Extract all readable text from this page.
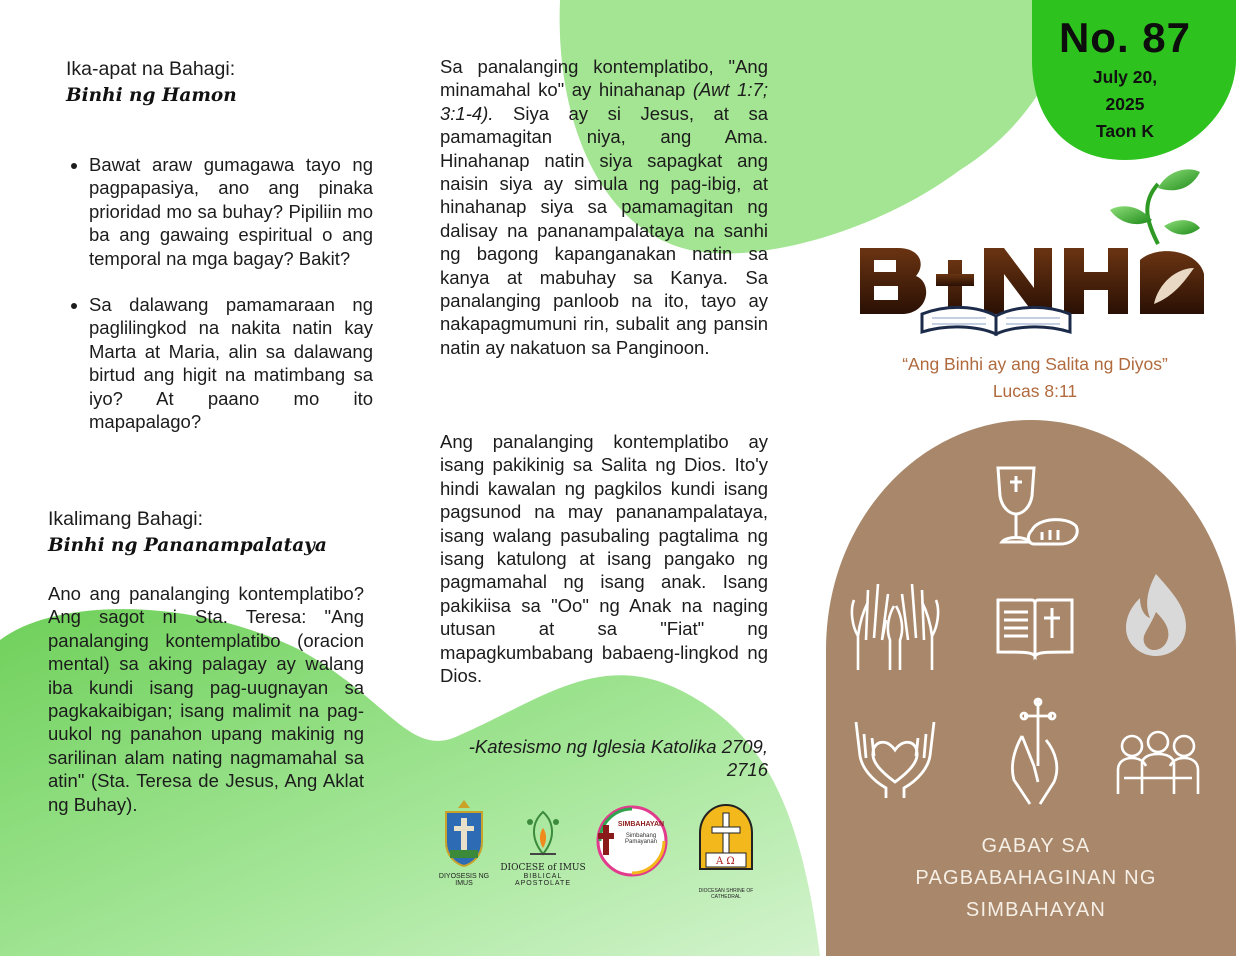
Ika-apat na Bahagi:
Binhi ng Hamon
• Bawat araw gumagawa tayo ng pagpapasiya, ano ang pinaka prioridad mo sa buhay? Pipiliin mo ba ang gawaing espiritual o ang temporal na mga bagay? Bakit?
• Sa dalawang pamamaraan ng paglilingkod na nakita natin kay Marta at Maria, alin sa dalawang birtud ang higit na matimbang sa iyo? At paano mo ito mapapalago?
Ikalimang Bahagi:
Binhi ng Pananampalataya
Ano ang panalanging kontemplatibo? Ang sagot ni Sta. Teresa: "Ang panalanging kontemplatibo (oracion mental) sa aking palagay ay walang iba kundi isang pag-uugnayan sa pagkakaibigan; isang malimit na pag-uukol ng panahon upang makinig ng sarilinan alam nating nagmamahal sa atin" (Sta. Teresa de Jesus, Ang Aklat ng Buhay).
Sa panalanging kontemplatibo, "Ang minamahal ko" ay hinahanap (Awt 1:7; 3:1-4). Siya ay si Jesus, at sa pamamagitan niya, ang Ama. Hinahanap natin siya sapagkat ang naisin siya ay simula ng pag-ibig, at hinahanap siya sa pamamagitan ng dalisay na pananampalataya na sanhi ng bagong kapanganakan natin sa kanya at mabuhay sa Kanya. Sa panalanging panloob na ito, tayo ay nakapagmumuni rin, subalit ang pansin natin ay nakatuon sa Panginoon.
Ang panalanging kontemplatibo ay isang pakikinig sa Salita ng Dios. Ito'y hindi kawalan ng pagkilos kundi isang pagsunod na may pananampalataya, isang walang pasubaling pagtalima ng isang katulong at isang pangako ng pagmamahal ng isang anak. Isang pakikiisa sa "Oo" ng Anak na naging utusan at sa "Fiat" ng mapagkumbabang babaeng-lingkod ng Dios.
-Katesismo ng Iglesia Katolika 2709,
2716
DIYOSESIS NG IMUS
DIOCESE of IMUS
BIBLICAL APOSTOLATE
SIMBAHAYAN
Simbahang Pamayanan
A Ω
DIOCESAN SHRINE OF CATHEDRAL
No. 87
July 20,
2025
Taon K
“Ang Binhi ay ang Salita ng Diyos”
Lucas 8:11
GABAY SA
PAGBABAHAGINAN NG
SIMBAHAYAN
